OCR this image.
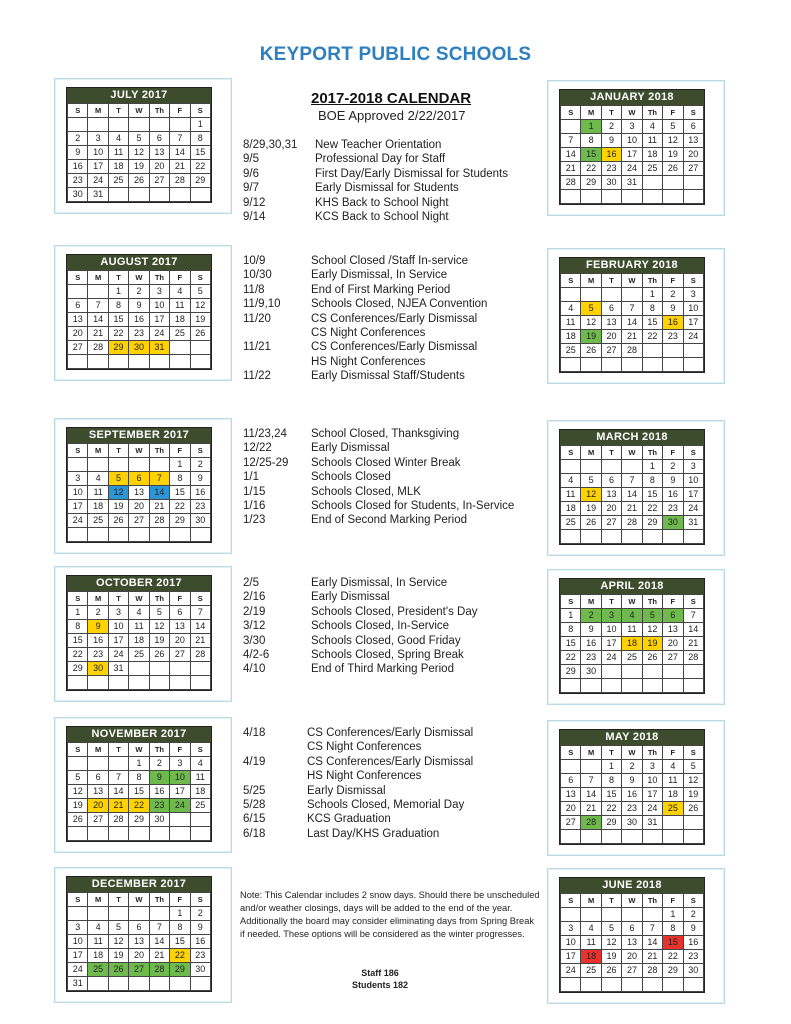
KEYPORT PUBLIC SCHOOLS
JULY 2017
S	M	T	W	Th	F	S
						1
2	3	4	5	6	7	8
9	10	11	12	13	14	15
16	17	18	19	20	21	22
23	24	25	26	27	28	29
30	31					
AUGUST 2017
S	M	T	W	Th	F	S
		1	2	3	4	5
6	7	8	9	10	11	12
13	14	15	16	17	18	19
20	21	22	23	24	25	26
27	28	29	30	31		

SEPTEMBER 2017
S	M	T	W	Th	F	S
					1	2
3	4	5	6	7	8	9
10	11	12	13	14	15	16
17	18	19	20	21	22	23
24	25	26	27	28	29	30

OCTOBER 2017
S	M	T	W	Th	F	S
1	2	3	4	5	6	7
8	9	10	11	12	13	14
15	16	17	18	19	20	21
22	23	24	25	26	27	28
29	30	31				

NOVEMBER 2017
S	M	T	W	Th	F	S
			1	2	3	4
5	6	7	8	9	10	11
12	13	14	15	16	17	18
19	20	21	22	23	24	25
26	27	28	29	30		

DECEMBER 2017
S	M	T	W	Th	F	S
					1	2
3	4	5	6	7	8	9
10	11	12	13	14	15	16
17	18	19	20	21	22	23
24	25	26	27	28	29	30
31						
JANUARY 2018
S	M	T	W	Th	F	S
	1	2	3	4	5	6
7	8	9	10	11	12	13
14	15	16	17	18	19	20
21	22	23	24	25	26	27
28	29	30	31			

FEBRUARY 2018
S	M	T	W	Th	F	S
				1	2	3
4	5	6	7	8	9	10
11	12	13	14	15	16	17
18	19	20	21	22	23	24
25	26	27	28			

MARCH 2018
S	M	T	W	Th	F	S
				1	2	3
4	5	6	7	8	9	10
11	12	13	14	15	16	17
18	19	20	21	22	23	24
25	26	27	28	29	30	31

APRIL 2018
S	M	T	W	Th	F	S
1	2	3	4	5	6	7
8	9	10	11	12	13	14
15	16	17	18	19	20	21
22	23	24	25	26	27	28
29	30					

MAY 2018
S	M	T	W	Th	F	S
		1	2	3	4	5
6	7	8	9	10	11	12
13	14	15	16	17	18	19
20	21	22	23	24	25	26
27	28	29	30	31		

JUNE 2018
S	M	T	W	Th	F	S
					1	2
3	4	5	6	7	8	9
10	11	12	13	14	15	16
17	18	19	20	21	22	23
24	25	26	27	28	29	30

2017-2018 CALENDAR
BOE Approved 2/22/2017
8/29,30,31 New Teacher Orientation
9/5	Professional Day for Staff
9/6	First Day/Early Dismissal for Students
9/7	Early Dismissal for Students
9/12	KHS Back to School Night
9/14	KCS Back to School Night
10/9	School Closed /Staff In-service
10/30	Early Dismissal, In Service
11/8	End of First Marking Period
11/9,10	Schools Closed, NJEA Convention
11/20	CS Conferences/Early Dismissal
CS Night Conferences
11/21	CS Conferences/Early Dismissal
HS Night Conferences
11/22	Early Dismissal Staff/Students
11/23,24 School Closed, Thanksgiving
12/22	Early Dismissal
12/25-29 Schools Closed Winter Break
1/1	Schools Closed
1/15	Schools Closed, MLK
1/16	Schools Closed for Students, In-Service
1/23	End of Second Marking Period
2/5	Early Dismissal, In Service
2/16	Early Dismissal
2/19	Schools Closed, President's Day
3/12	Schools Closed, In-Service
3/30	Schools Closed, Good Friday
4/2-6	Schools Closed, Spring Break
4/10	End of Third Marking Period
4/18	CS Conferences/Early Dismissal
CS Night Conferences
4/19	CS Conferences/Early Dismissal
HS Night Conferences
5/25	Early Dismissal
5/28	Schools Closed, Memorial Day
6/15	KCS Graduation
6/18	Last Day/KHS Graduation
Note: This Calendar includes 2 snow days. Should there be unscheduled and/or weather closings, days will be added to the end of the year. Additionally the board may consider eliminating days from Spring Break if needed. These options will be considered as the winter progresses.
Staff 186
Students 182
